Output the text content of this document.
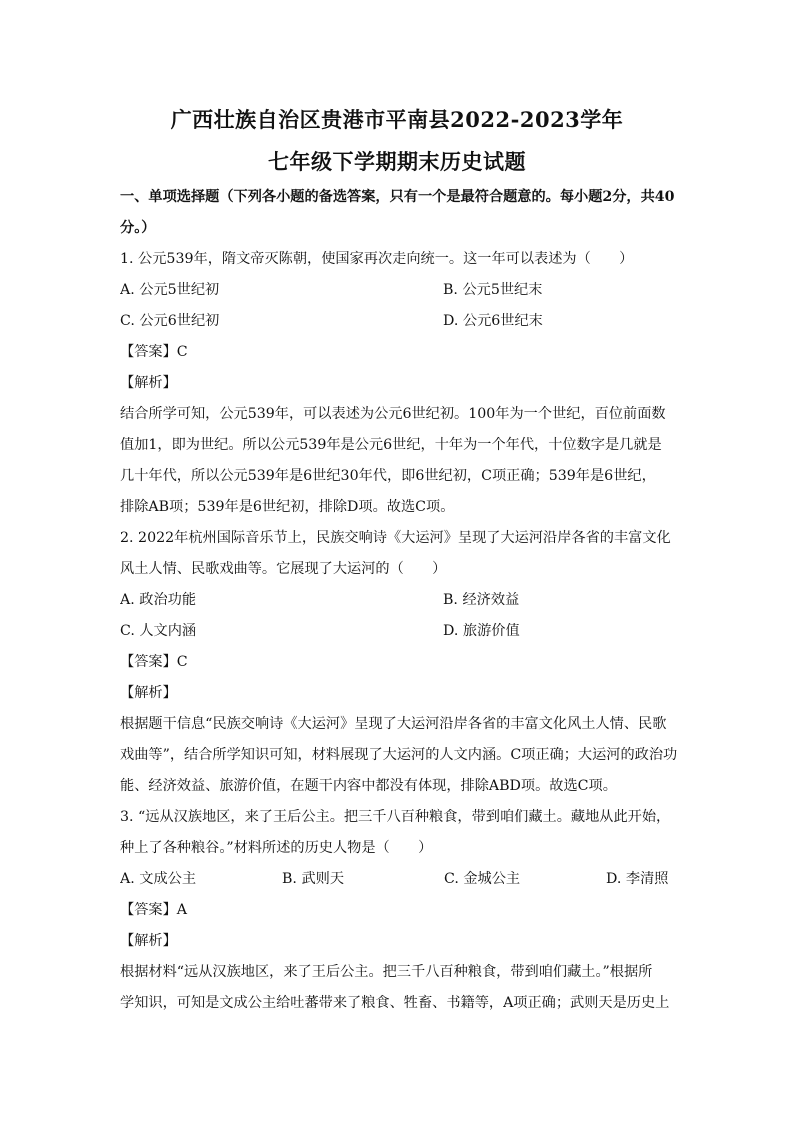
广西壮族自治区贵港市平南县2022-2023学年
七年级下学期期末历史试题
一、单项选择题（下列各小题的备选答案，只有一个是最符合题意的。每小题2分，共40
分。）
1. 公元539年，隋文帝灭陈朝，使国家再次走向统一。这一年可以表述为（　　）
A. 公元5世纪初	B. 公元5世纪末
C. 公元6世纪初	D. 公元6世纪末
【答案】C
【解析】
结合所学可知，公元539年，可以表述为公元6世纪初。100年为一个世纪，百位前面数
值加1，即为世纪。所以公元539年是公元6世纪，十年为一个年代，十位数字是几就是
几十年代，所以公元539年是6世纪30年代，即6世纪初，C项正确；539年是6世纪，
排除AB项；539年是6世纪初，排除D项。故选C项。
2. 2022年杭州国际音乐节上，民族交响诗《大运河》呈现了大运河沿岸各省的丰富文化
风土人情、民歌戏曲等。它展现了大运河的（　　）
A. 政治功能	B. 经济效益
C. 人文内涵	D. 旅游价值
【答案】C
【解析】
根据题干信息“民族交响诗《大运河》呈现了大运河沿岸各省的丰富文化风土人情、民歌
戏曲等”，结合所学知识可知，材料展现了大运河的人文内涵。C项正确；大运河的政治功
能、经济效益、旅游价值，在题干内容中都没有体现，排除ABD项。故选C项。
3. “远从汉族地区，来了王后公主。把三千八百种粮食，带到咱们藏土。藏地从此开始，
种上了各种粮谷。”材料所述的历史人物是（　　）
A. 文成公主	B. 武则天	C. 金城公主	D. 李清照
【答案】A
【解析】
根据材料“远从汉族地区，来了王后公主。把三千八百种粮食，带到咱们藏土。”根据所
学知识，可知是文成公主给吐蕃带来了粮食、牲畜、书籍等，A项正确；武则天是历史上
